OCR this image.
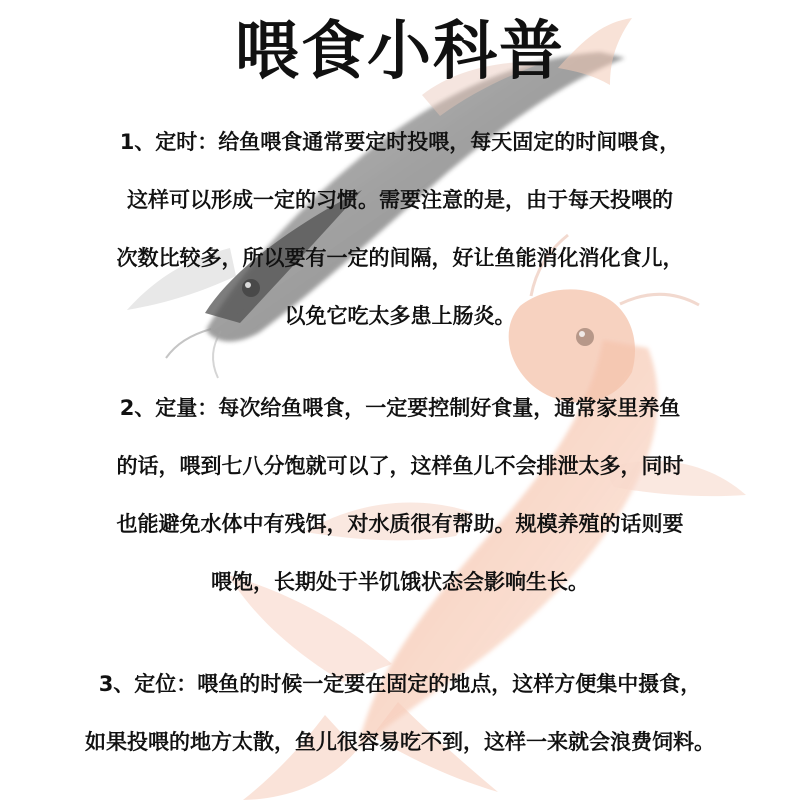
喂食小科普
1、定时：给鱼喂食通常要定时投喂，每天固定的时间喂食，
这样可以形成一定的习惯。需要注意的是，由于每天投喂的
次数比较多，所以要有一定的间隔，好让鱼能消化消化食儿，
以免它吃太多患上肠炎。
2、定量：每次给鱼喂食，一定要控制好食量，通常家里养鱼
的话，喂到七八分饱就可以了，这样鱼儿不会排泄太多，同时
也能避免水体中有残饵，对水质很有帮助。规模养殖的话则要
喂饱，长期处于半饥饿状态会影响生长。
3、定位：喂鱼的时候一定要在固定的地点，这样方便集中摄食，
如果投喂的地方太散，鱼儿很容易吃不到，这样一来就会浪费饲料。
